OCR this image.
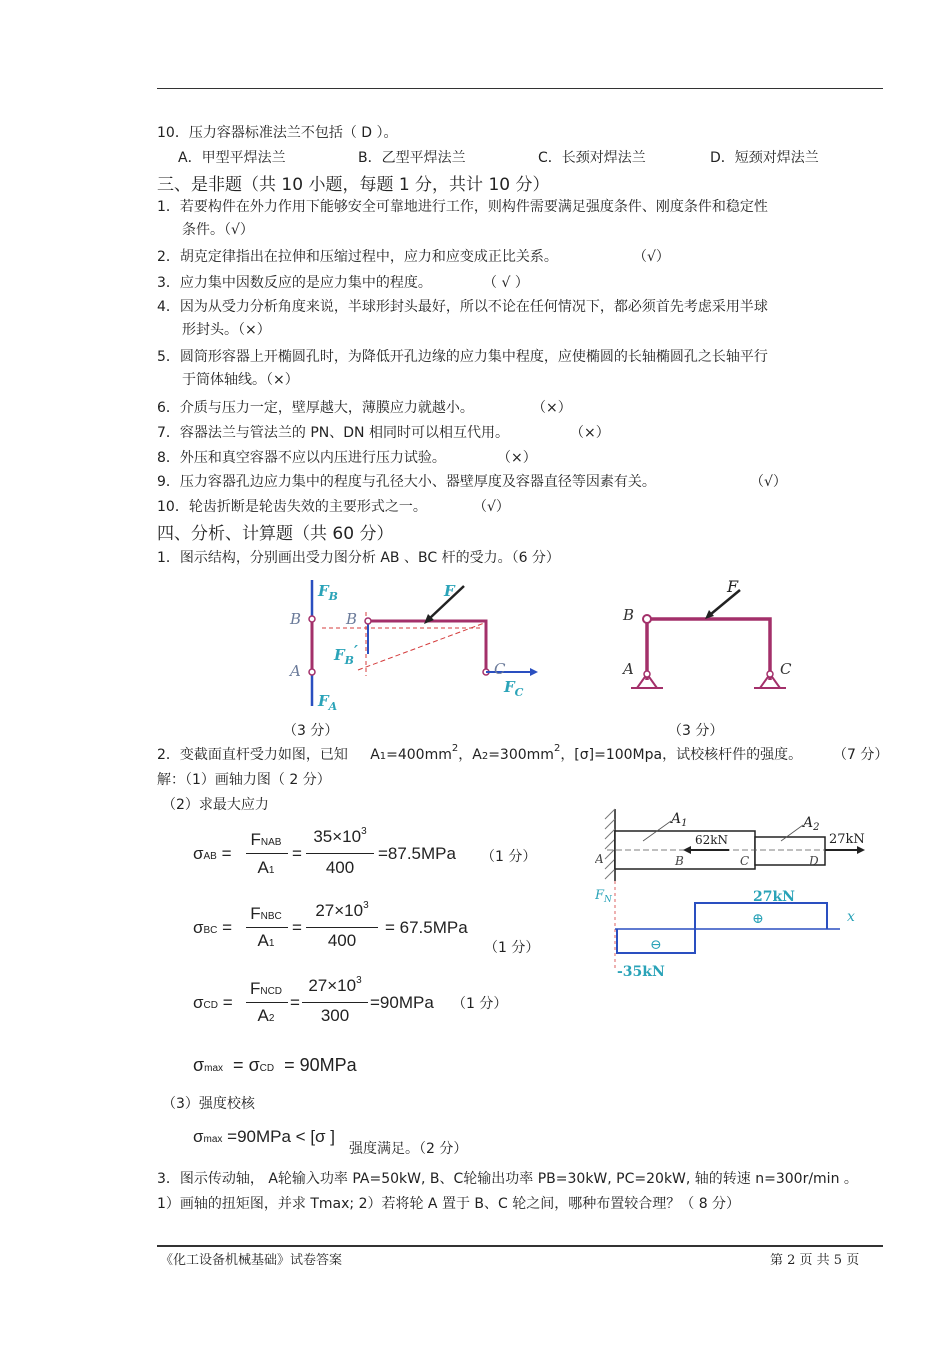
10．压力容器标准法兰不包括（ D ）。
A．甲型平焊法兰	B．乙型平焊法兰	C．长颈对焊法兰	D．短颈对焊法兰
三、是非题（共 10 小题，每题 1 分，共计 10 分）
1．若要构件在外力作用下能够安全可靠地进行工作，则构件需要满足强度条件、刚度条件和稳定性
条件。（√）
2．胡克定律指出在拉伸和压缩过程中，应力和应变成正比关系。	（√）
3．应力集中因数反应的是应力集中的程度。	（ √ ）
4．因为从受力分析角度来说，半球形封头最好，所以不论在任何情况下，都必须首先考虑采用半球
形封头。（×）
5．圆筒形容器上开椭圆孔时，为降低开孔边缘的应力集中程度，应使椭圆的长轴椭圆孔之长轴平行
于筒体轴线。（×）
6．介质与压力一定，壁厚越大，薄膜应力就越小。	（×）
7．容器法兰与管法兰的 PN、DN 相同时可以相互代用。	（×）
8．外压和真空容器不应以内压进行压力试验。	（×）
9．压力容器孔边应力集中的程度与孔径大小、器壁厚度及容器直径等因素有关。	（√）
10．轮齿折断是轮齿失效的主要形式之一。	（√）
四、分析、计算题（共 60 分）
1．图示结构，分别画出受力图分析 AB 、BC 杆的受力。（6 分）
$F_B$
B
A
$F_A$
F
B
$F_B'$
C
$F_C$
F
B
A	C
（3 分）	（3 分）
2．变截面直杆受力如图，已知 $A1=400mm^2$，$A2=300mm^2$，[σ]=100Mpa，试校核杆件的强度。 （7 分）
解：（1）画轴力图（ 2 分）
（2）求最大应力
σAB =
FNAB
A1
=
$35\times 10^3$
400
=87.5MPa （1 分）
σBC =
FNBC
A1
=
$27\times 10^3$
400
= 67.5MPa
（1 分）
σCD =
FNCD
A2
=
$27\times 10^3$
300
=90MPa （1 分）
σmax = σCD = 90MPa
（3）强度校核
σmax =90MPa < [σ ]
强度满足。（2 分）
$A_1$	$A_2$
62kN	27kN
A	B	C	D
$F_N$
x
27kN
⊕
⊖
-35kN
3．图示传动轴， A轮输入功率 PA=50kW, B、C轮输出功率 PB=30kW, PC=20kW, 轴的转速 n=300r/min 。
1）画轴的扭矩图，并求 Tmax; 2）若将轮 A 置于 B、C 轮之间，哪种布置较合理？（ 8 分）
《化工设备机械基础》试卷答案	第 2 页 共 5 页
